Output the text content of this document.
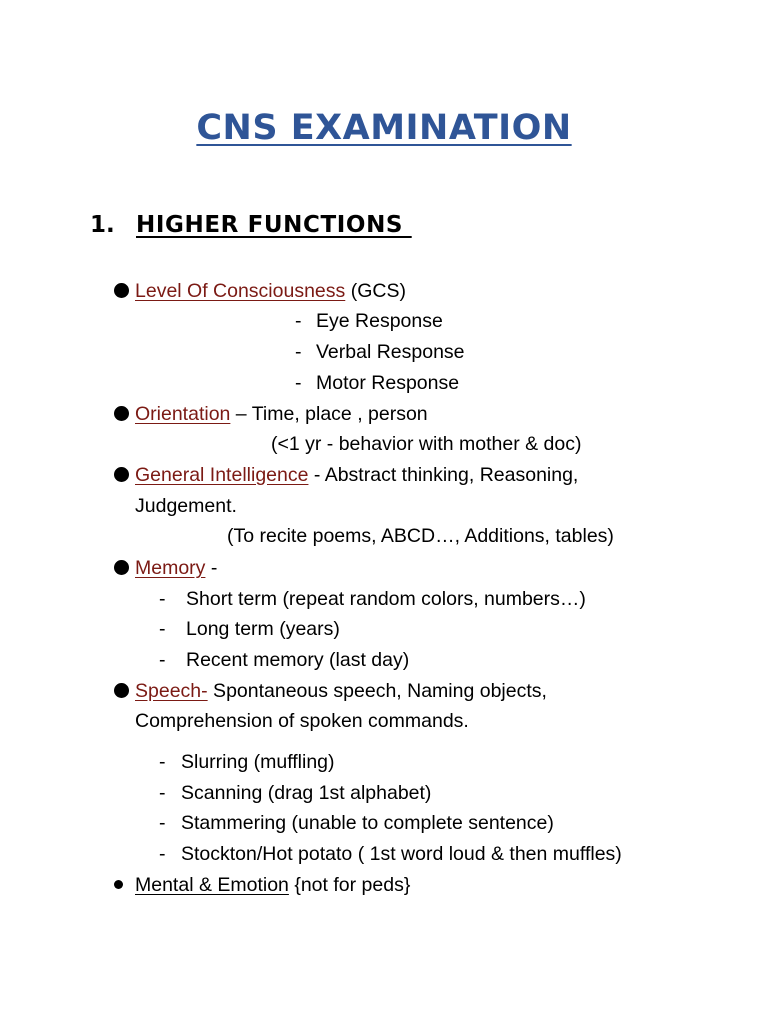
CNS EXAMINATION
1. HIGHER FUNCTIONS
Level Of Consciousness (GCS)
- Eye Response
- Verbal Response
- Motor Response
Orientation – Time, place , person
(<1 yr - behavior with mother & doc)
General Intelligence - Abstract thinking, Reasoning,
Judgement.
(To recite poems, ABCD…, Additions, tables)
Memory -
- Short term (repeat random colors, numbers…)
- Long term (years)
- Recent memory (last day)
Speech- Spontaneous speech, Naming objects,
Comprehension of spoken commands.
- Slurring (muffling)
- Scanning (drag 1st alphabet)
- Stammering (unable to complete sentence)
- Stockton/Hot potato ( 1st word loud & then muffles)
Mental & Emotion {not for peds}
